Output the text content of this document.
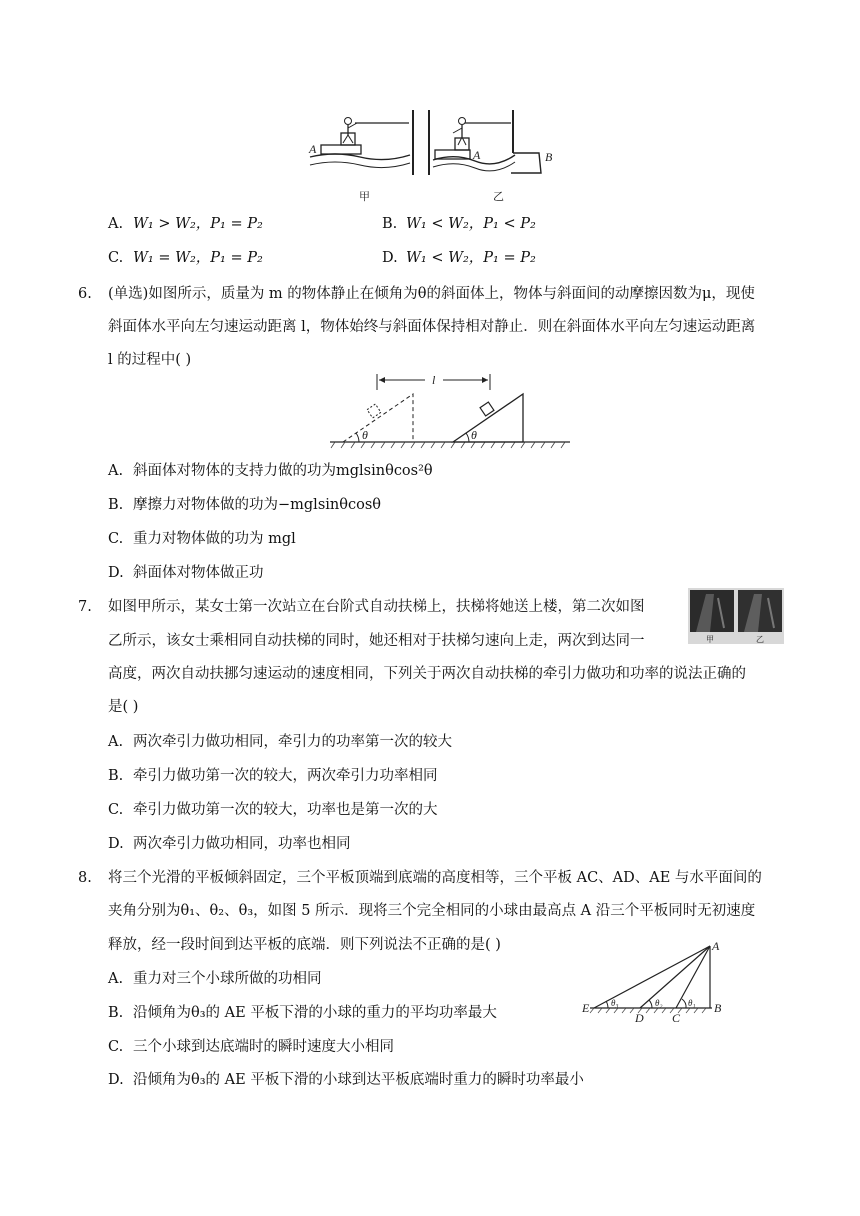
A	A	B
甲	乙
A. W₁ > W₂，P₁ = P₂	B. W₁ < W₂，P₁ < P₂
C. W₁ = W₂，P₁ = P₂	D. W₁ < W₂，P₁ = P₂
6. (单选)如图所示，质量为 m 的物体静止在倾角为θ的斜面体上，物体与斜面间的动摩擦因数为μ，现使
斜面体水平向左匀速运动距离 l，物体始终与斜面体保持相对静止．则在斜面体水平向左匀速运动距离
l 的过程中( )
θ	θ
l
A. 斜面体对物体的支持力做的功为mglsinθcos²θ
B. 摩擦力对物体做的功为−mglsinθcosθ
C. 重力对物体做的功为 mgl
D. 斜面体对物体做正功
7. 如图甲所示，某女士第一次站立在台阶式自动扶梯上，扶梯将她送上楼，第二次如图
乙所示，该女士乘相同自动扶梯的同时，她还相对于扶梯匀速向上走，两次到达同一
高度，两次自动扶挪匀速运动的速度相同，下列关于两次自动扶梯的牵引力做功和功率的说法正确的
是( )
甲	乙
A. 两次牵引力做功相同，牵引力的功率第一次的较大
B. 牵引力做功第一次的较大，两次牵引力功率相同
C. 牵引力做功第一次的较大，功率也是第一次的大
D. 两次牵引力做功相同，功率也相同
8. 将三个光滑的平板倾斜固定，三个平板顶端到底端的高度相等，三个平板 AC、AD、AE 与水平面间的
夹角分别为θ₁、θ₂、θ₃，如图 5 所示．现将三个完全相同的小球由最高点 A 沿三个平板同时无初速度
释放，经一段时间到达平板的底端．则下列说法不正确的是( )	A
B
C
D
E θ₃	θ₂	θ₁
A. 重力对三个小球所做的功相同
B. 沿倾角为θ₃的 AE 平板下滑的小球的重力的平均功率最大
C. 三个小球到达底端时的瞬时速度大小相同
D. 沿倾角为θ₃的 AE 平板下滑的小球到达平板底端时重力的瞬时功率最小
